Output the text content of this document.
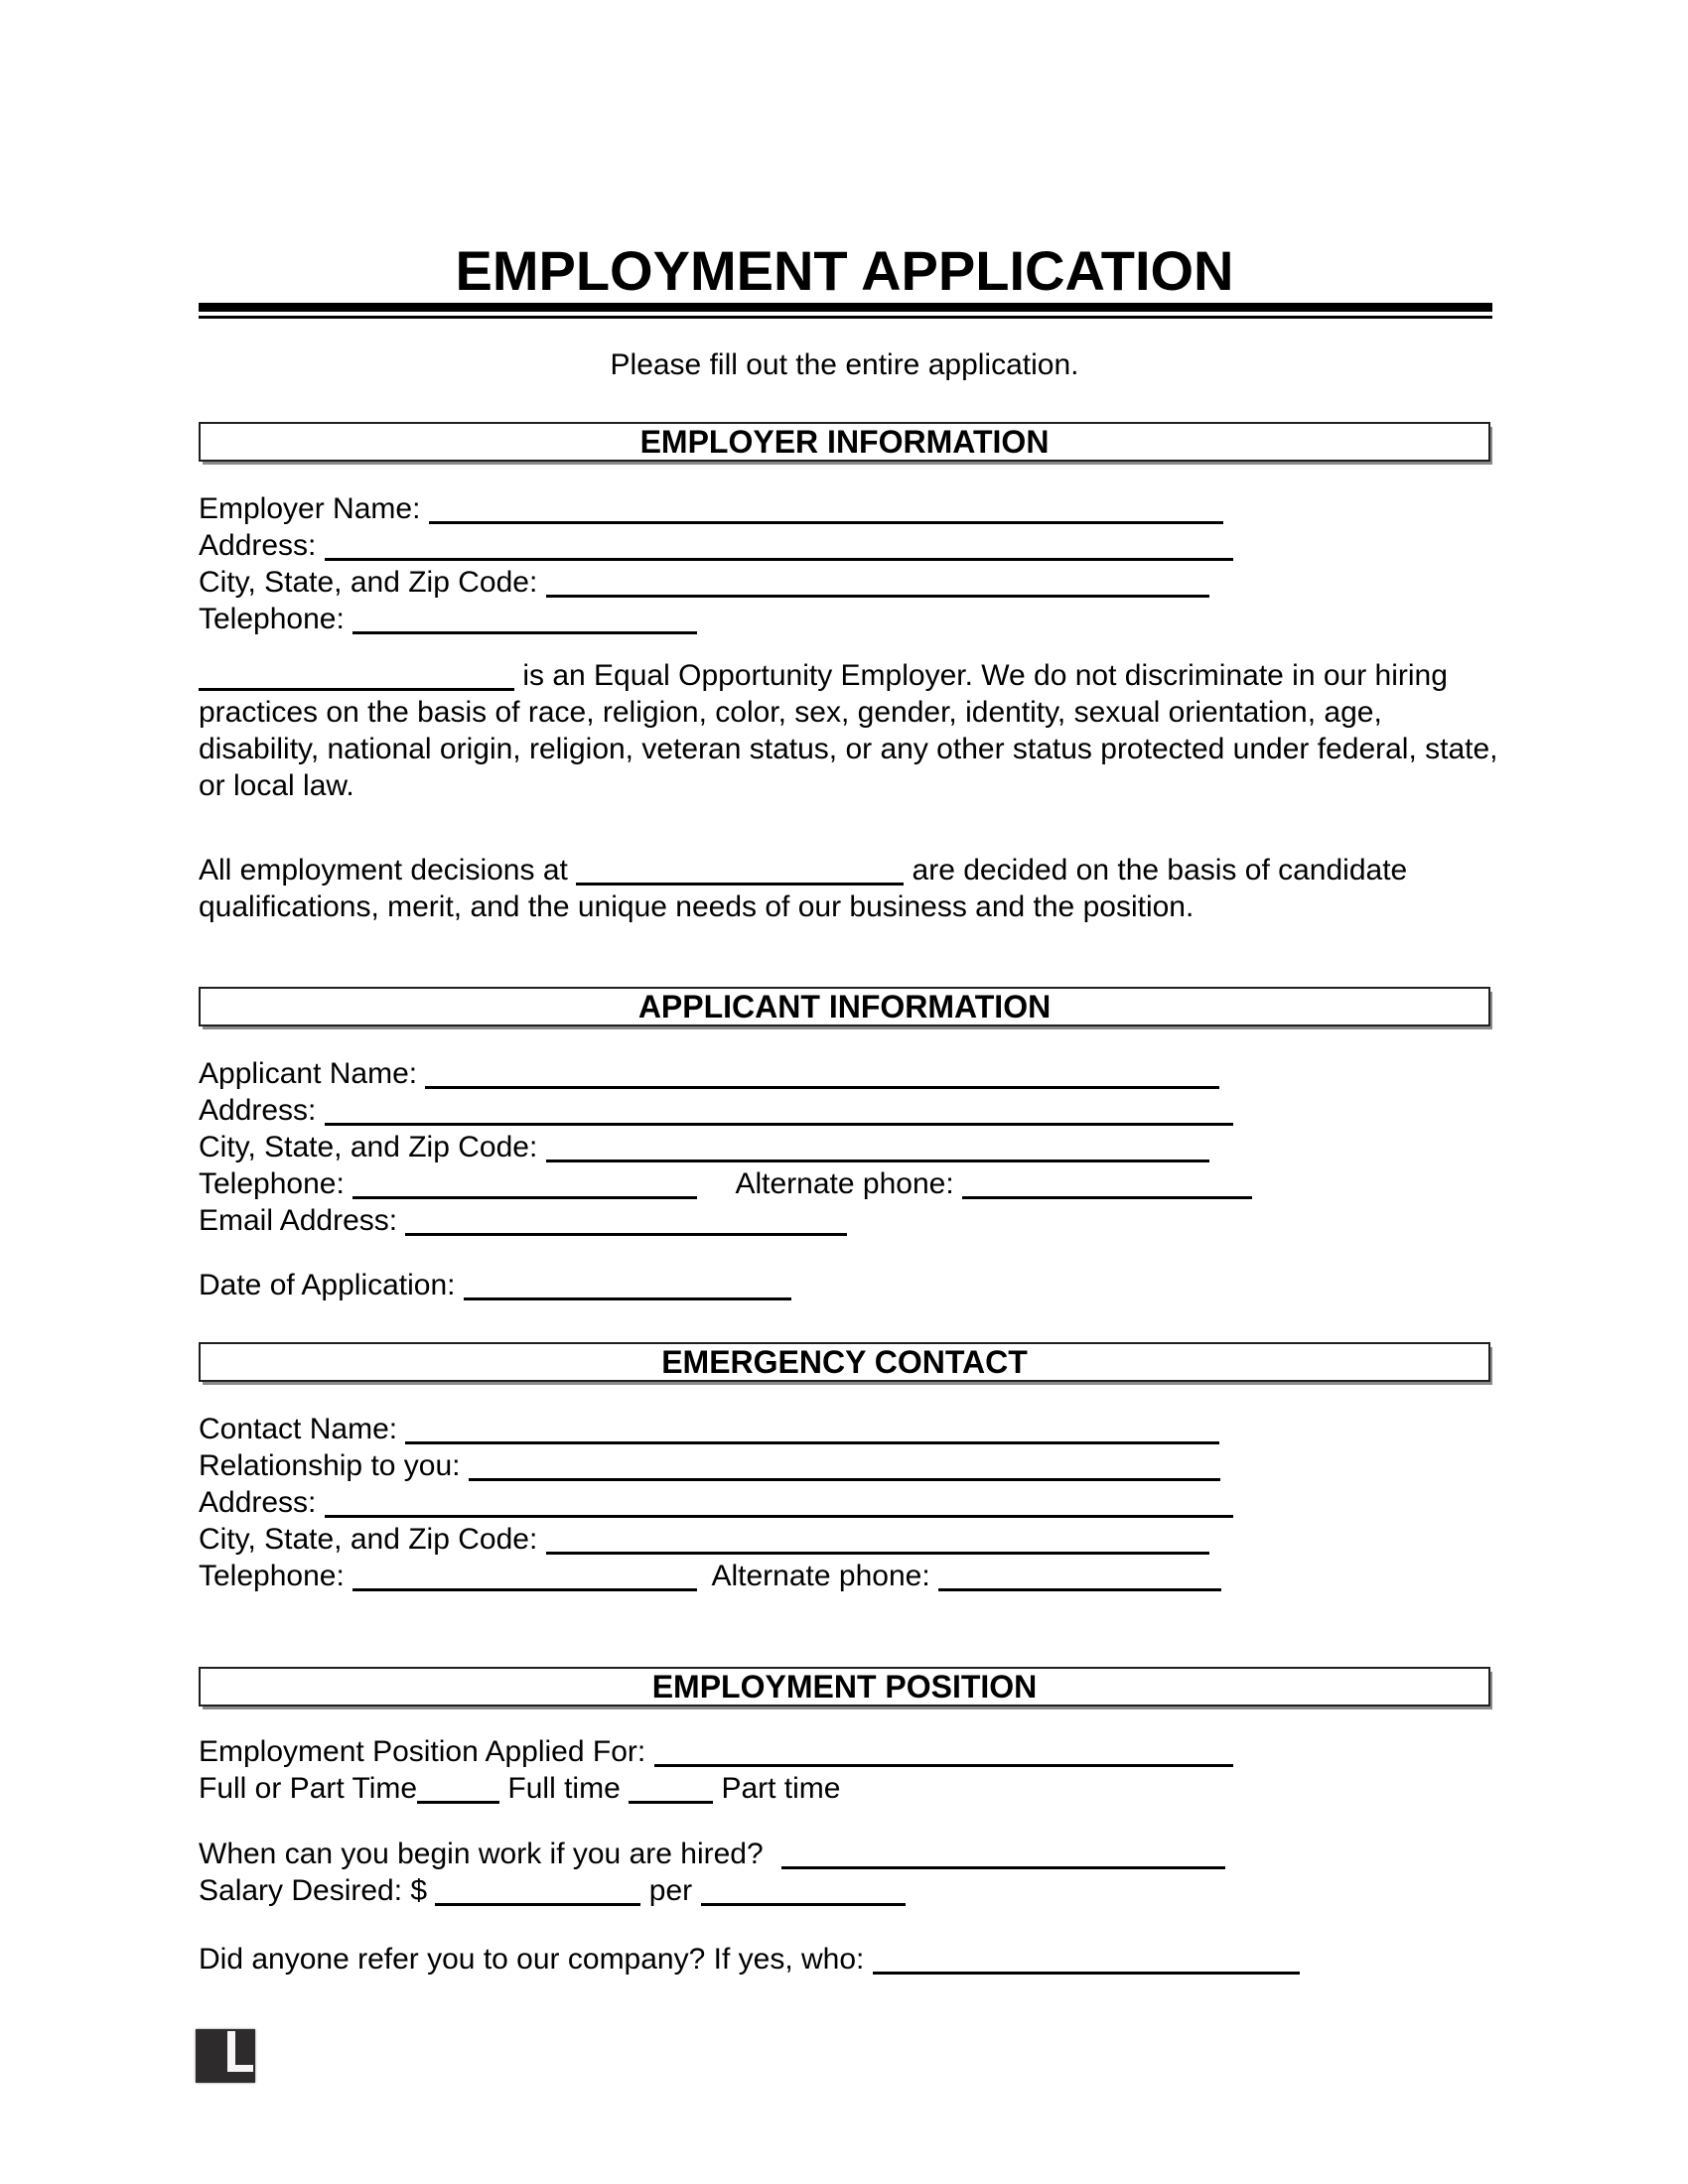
EMPLOYMENT APPLICATION
Please fill out the entire application.
EMPLOYER INFORMATION
Employer Name:
Address:
City, State, and Zip Code:
Telephone:
is an Equal Opportunity Employer. We do not discriminate in our hiring practices on the basis of race, religion, color, sex, gender, identity, sexual orientation, age, disability, national origin, religion, veteran status, or any other status protected under federal, state, or local law.
All employment decisions at	are decided on the basis of candidate qualifications, merit, and the unique needs of our business and the position.
APPLICANT INFORMATION
Applicant Name:
Address:
City, State, and Zip Code:
Telephone:	Alternate phone:
Email Address:
Date of Application:
EMERGENCY CONTACT
Contact Name:
Relationship to you:
Address:
City, State, and Zip Code:
Telephone:	Alternate phone:
EMPLOYMENT POSITION
Employment Position Applied For:
Full or Part Time	Full time	Part time
When can you begin work if you are hired?
Salary Desired: $	per
Did anyone refer you to our company? If yes, who:
